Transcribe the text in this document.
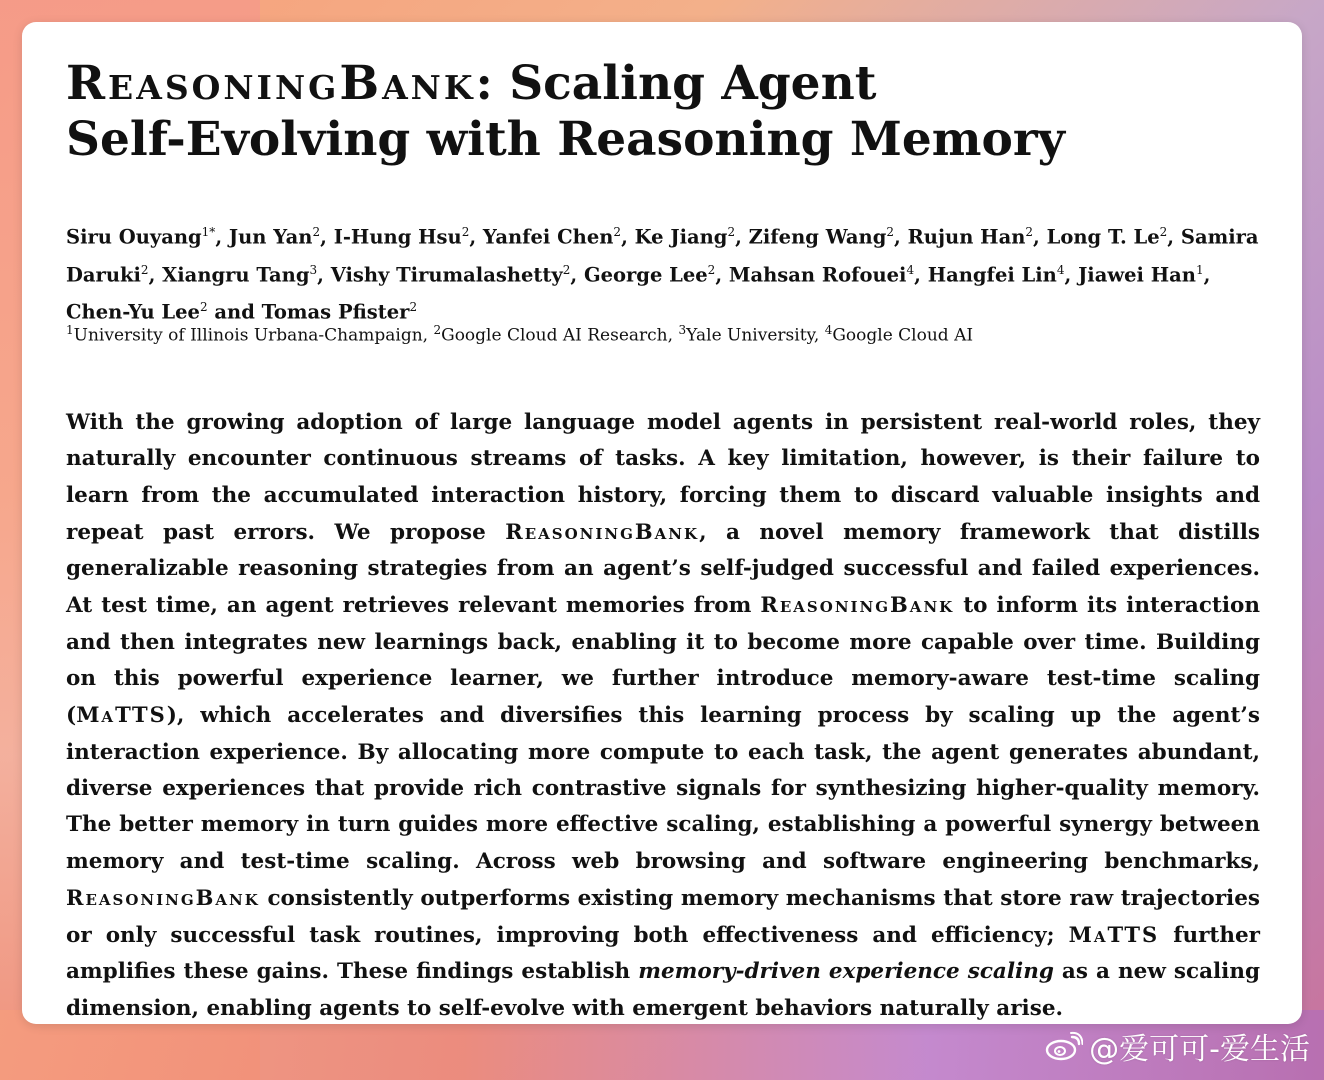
ReasoningBank: Scaling Agent
Self-Evolving with Reasoning Memory
Siru Ouyang$^{1*}$, Jun Yan$^2$, I-Hung Hsu$^2$, Yanfei Chen$^2$, Ke Jiang$^2$, Zifeng Wang$^2$, Rujun Han$^2$, Long T. Le$^2$, Samira Daruki$^2$, Xiangru Tang$^3$, Vishy Tirumalashetty$^2$, George Lee$^2$, Mahsan Rofouei$^4$, Hangfei Lin$^4$, Jiawei Han$^1$, Chen-Yu Lee$^2$ and Tomas Pfister$^2$
$^1$University of Illinois Urbana-Champaign, $^2$Google Cloud AI Research, $^3$Yale University, $^4$Google Cloud AI

With the growing adoption of large language model agents in persistent real-world roles, they naturally encounter continuous streams of tasks. A key limitation, however, is their failure to learn from the accumulated interaction history, forcing them to discard valuable insights and repeat past errors. We propose ReasoningBank, a novel memory framework that distills generalizable reasoning strategies from an agent’s self-judged successful and failed experiences. At test time, an agent retrieves relevant memories from ReasoningBank to inform its interaction and then integrates new learnings back, enabling it to become more capable over time. Building on this powerful experience learner, we further introduce memory-aware test-time scaling (MaTTS), which accelerates and diversifies this learning process by scaling up the agent’s interaction experience. By allocating more compute to each task, the agent generates abundant, diverse experiences that provide rich contrastive signals for synthesizing higher-quality memory. The better memory in turn guides more effective scaling, establishing a powerful synergy between memory and test-time scaling. Across web browsing and software engineering benchmarks, ReasoningBank consistently outperforms existing memory mechanisms that store raw trajectories or only successful task routines, improving both effectiveness and efficiency; MaTTS further amplifies these gains. These findings establish memory-driven experience scaling as a new scaling dimension, enabling agents to self-evolve with emergent behaviors naturally arise.

@爱可可-爱生活
